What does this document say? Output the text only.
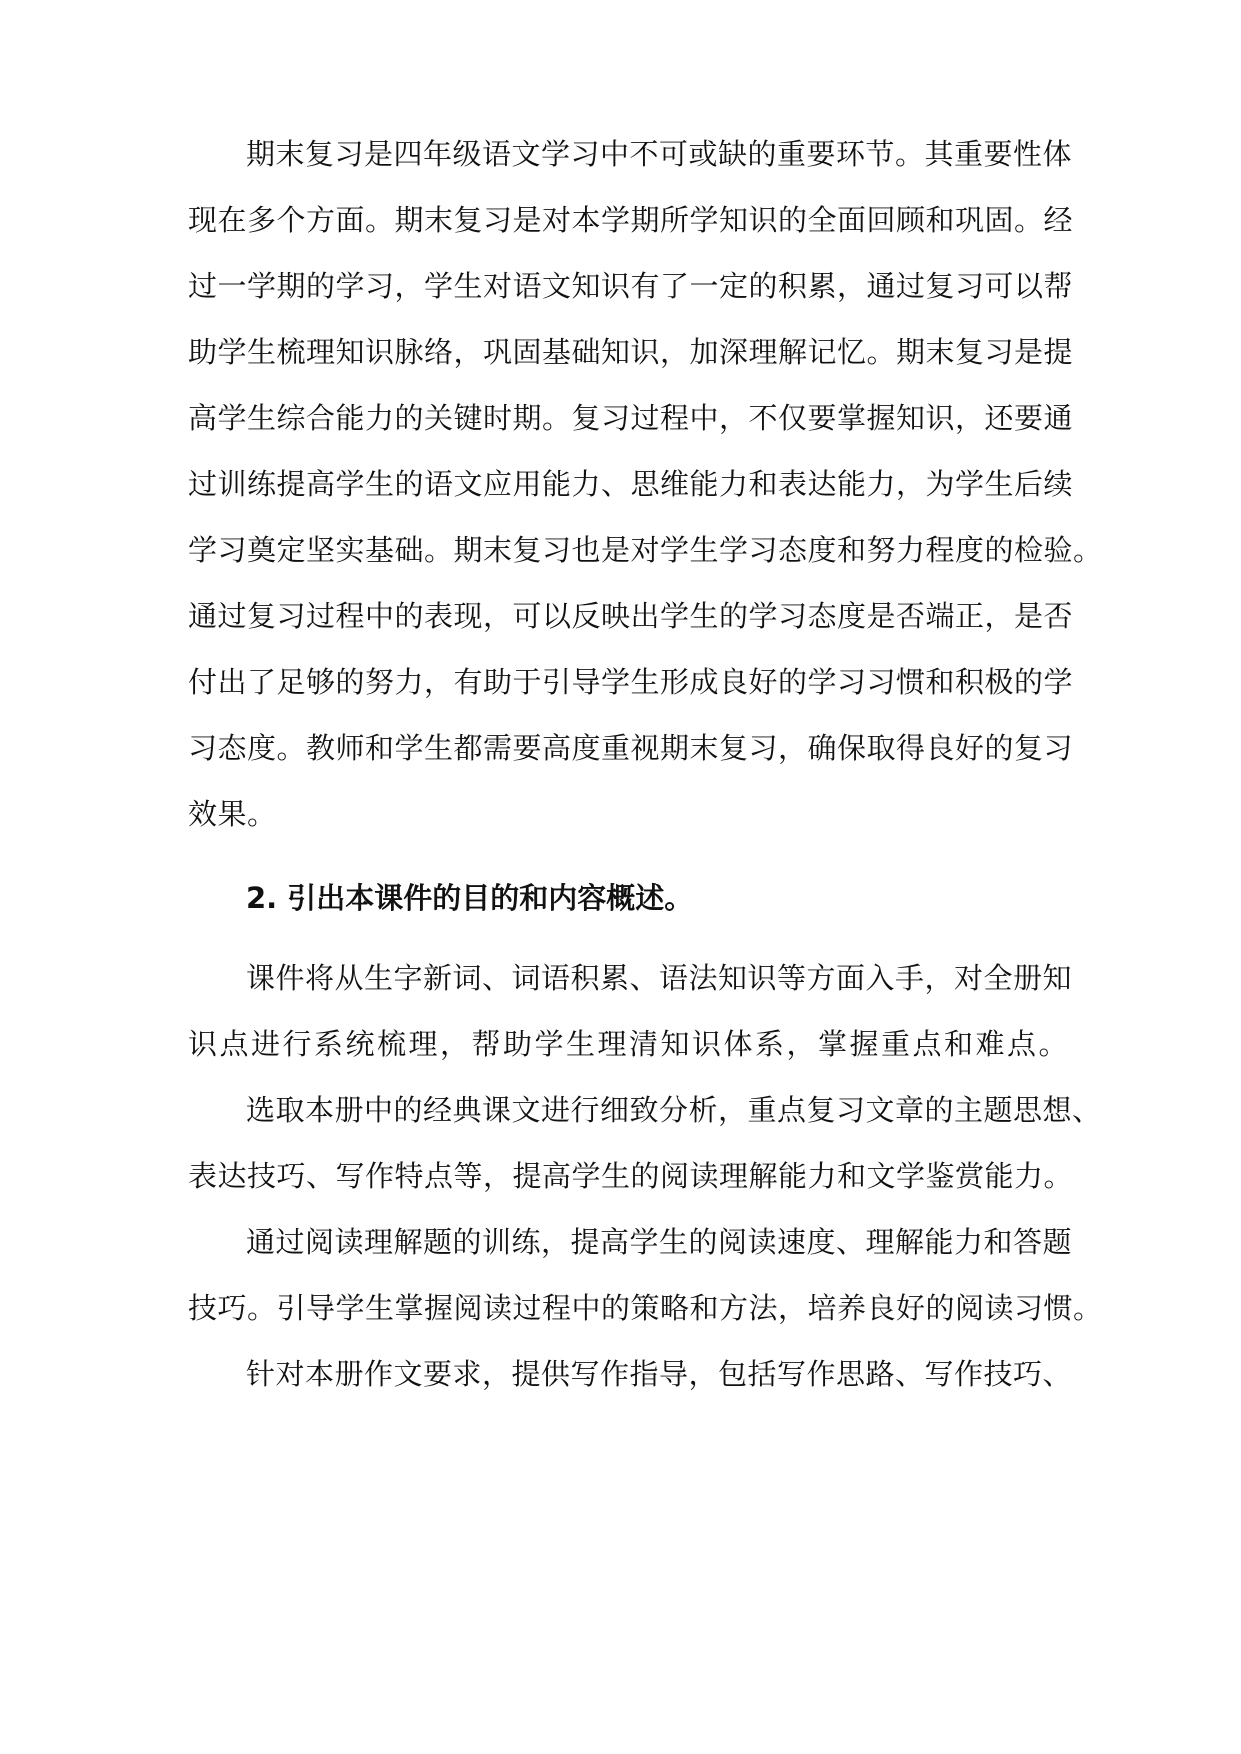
期末复习是四年级语文学习中不可或缺的重要环节。其重要性体
现在多个方面。期末复习是对本学期所学知识的全面回顾和巩固。经
过一学期的学习，学生对语文知识有了一定的积累，通过复习可以帮
助学生梳理知识脉络，巩固基础知识，加深理解记忆。期末复习是提
高学生综合能力的关键时期。复习过程中，不仅要掌握知识，还要通
过训练提高学生的语文应用能力、思维能力和表达能力，为学生后续
学习奠定坚实基础。期末复习也是对学生学习态度和努力程度的检验。
通过复习过程中的表现，可以反映出学生的学习态度是否端正，是否
付出了足够的努力，有助于引导学生形成良好的学习习惯和积极的学
习态度。教师和学生都需要高度重视期末复习，确保取得良好的复习
效果。
2. 引出本课件的目的和内容概述。
课件将从生字新词、词语积累、语法知识等方面入手，对全册知
识点进行系统梳理，帮助学生理清知识体系，掌握重点和难点。
选取本册中的经典课文进行细致分析，重点复习文章的主题思想、
表达技巧、写作特点等，提高学生的阅读理解能力和文学鉴赏能力。
通过阅读理解题的训练，提高学生的阅读速度、理解能力和答题
技巧。引导学生掌握阅读过程中的策略和方法，培养良好的阅读习惯。
针对本册作文要求，提供写作指导，包括写作思路、写作技巧、
